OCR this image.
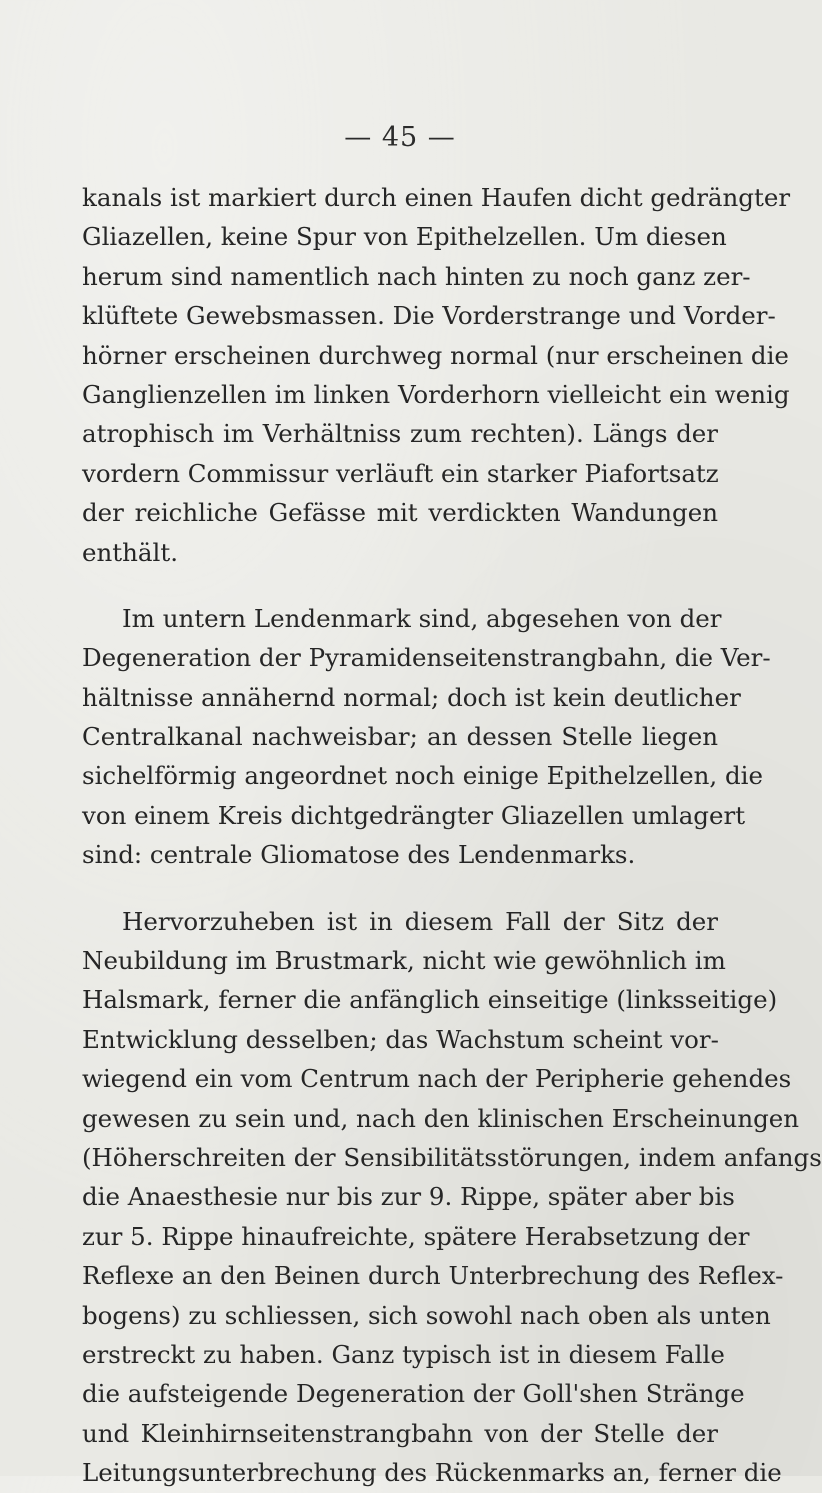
— 45 —

kanals ist markiert durch einen Haufen dicht gedrängter
Gliazellen, keine Spur von Epithelzellen. Um diesen
herum sind namentlich nach hinten zu noch ganz zer-
klüftete Gewebsmassen. Die Vorderstrange und Vorder-
hörner erscheinen durchweg normal (nur erscheinen die
Ganglienzellen im linken Vorderhorn vielleicht ein wenig
atrophisch im Verhältniss zum rechten). Längs der
vordern Commissur verläuft ein starker Piafortsatz
der reichliche Gefässe mit verdickten Wandungen
enthält.

Im untern Lendenmark sind, abgesehen von der
Degeneration der Pyramidenseitenstrangbahn, die Ver-
hältnisse annähernd normal; doch ist kein deutlicher
Centralkanal nachweisbar; an dessen Stelle liegen
sichelförmig angeordnet noch einige Epithelzellen, die
von einem Kreis dichtgedrängter Gliazellen umlagert
sind: centrale Gliomatose des Lendenmarks.

Hervorzuheben ist in diesem Fall der Sitz der
Neubildung im Brustmark, nicht wie gewöhnlich im
Halsmark, ferner die anfänglich einseitige (linksseitige)
Entwicklung desselben; das Wachstum scheint vor-
wiegend ein vom Centrum nach der Peripherie gehendes
gewesen zu sein und, nach den klinischen Erscheinungen
(Höherschreiten der Sensibilitätsstörungen, indem anfangs
die Anaesthesie nur bis zur 9. Rippe, später aber bis
zur 5. Rippe hinaufreichte, spätere Herabsetzung der
Reflexe an den Beinen durch Unterbrechung des Reflex-
bogens) zu schliessen, sich sowohl nach oben als unten
erstreckt zu haben. Ganz typisch ist in diesem Falle
die aufsteigende Degeneration der Goll'shen Stränge
und Kleinhirnseitenstrangbahn von der Stelle der
Leitungsunterbrechung des Rückenmarks an, ferner die
